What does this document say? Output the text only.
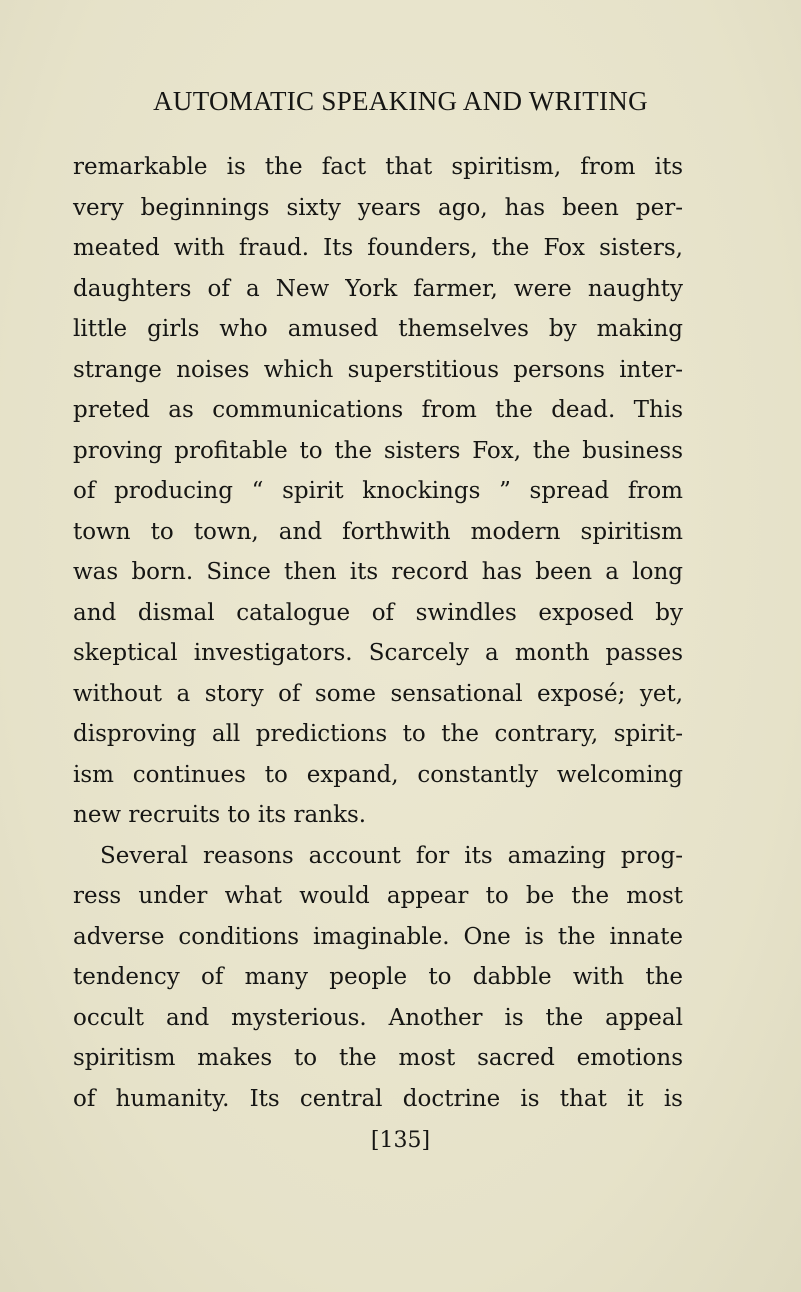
AUTOMATIC SPEAKING AND WRITING
remarkable is the fact that spiritism, from its
very beginnings sixty years ago, has been per-
meated with fraud. Its founders, the Fox sisters,
daughters of a New York farmer, were naughty
little girls who amused themselves by making
strange noises which superstitious persons inter-
preted as communications from the dead. This
proving profitable to the sisters Fox, the business
of producing “ spirit knockings ” spread from
town to town, and forthwith modern spiritism
was born. Since then its record has been a long
and dismal catalogue of swindles exposed by
skeptical investigators. Scarcely a month passes
without a story of some sensational exposé; yet,
disproving all predictions to the contrary, spirit-
ism continues to expand, constantly welcoming
new recruits to its ranks.
Several reasons account for its amazing prog-
ress under what would appear to be the most
adverse conditions imaginable. One is the innate
tendency of many people to dabble with the
occult and mysterious. Another is the appeal
spiritism makes to the most sacred emotions
of humanity. Its central doctrine is that it is
[135]
